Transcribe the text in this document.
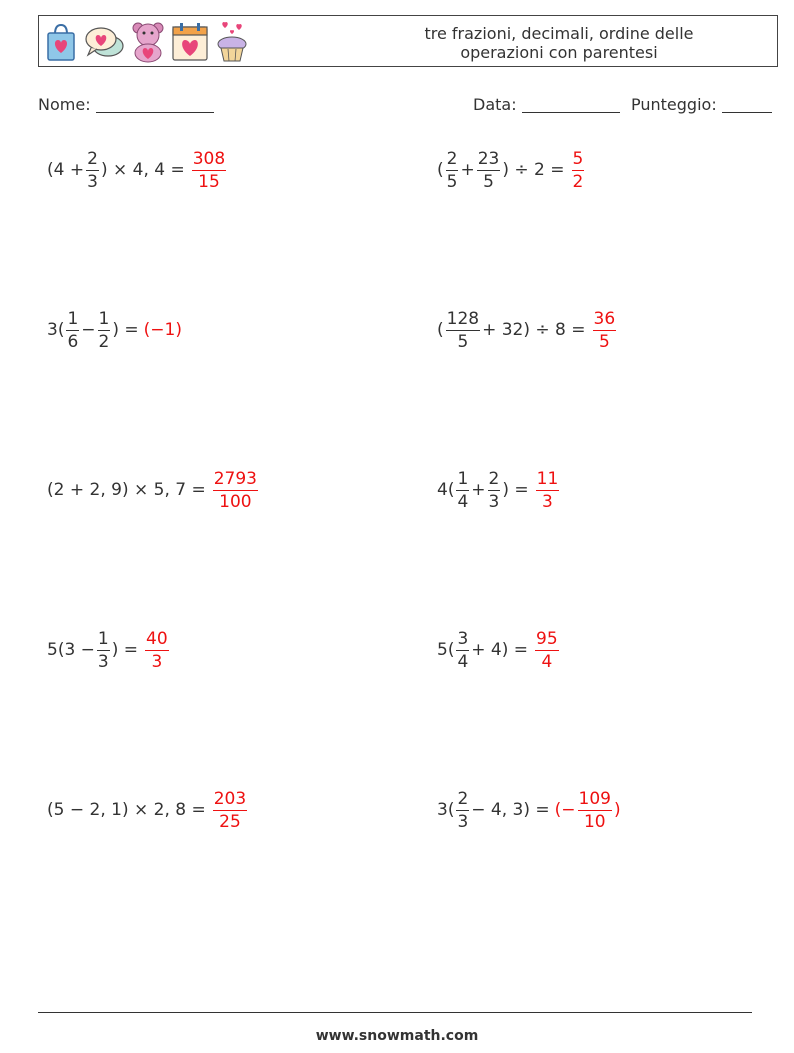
tre frazioni, decimali, ordine delle
operazioni con parentesi
Nome:	Data:	Punteggio:
($4 + \frac{2}{3}$ ) × 4, $4 = \frac{308}{15}$	( $\frac{2}{5} + \frac{23}{5}$ ) ÷ $2 = \frac{5}{2}$
$3( \frac{1}{6} - \frac{1}{2}$ ) = (−1)	( $\frac{128}{5} + 32) \div 8 = \frac{36}{5}$
(2 + 2, 9) × 5, $7 = \frac{2793}{100}$	$4( \frac{1}{4} + \frac{2}{3}$ ) = $\frac{11}{3}$
$5(3 - \frac{1}{3}$ ) = $\frac{40}{3}$	$5( \frac{3}{4} + 4) = \frac{95}{4}$
(5 − 2, 1) × 2, $8 = \frac{203}{25}$	$3( \frac{2}{3} - 4$, 3) = (− $\frac{109}{10}$ )
www.snowmath.com
